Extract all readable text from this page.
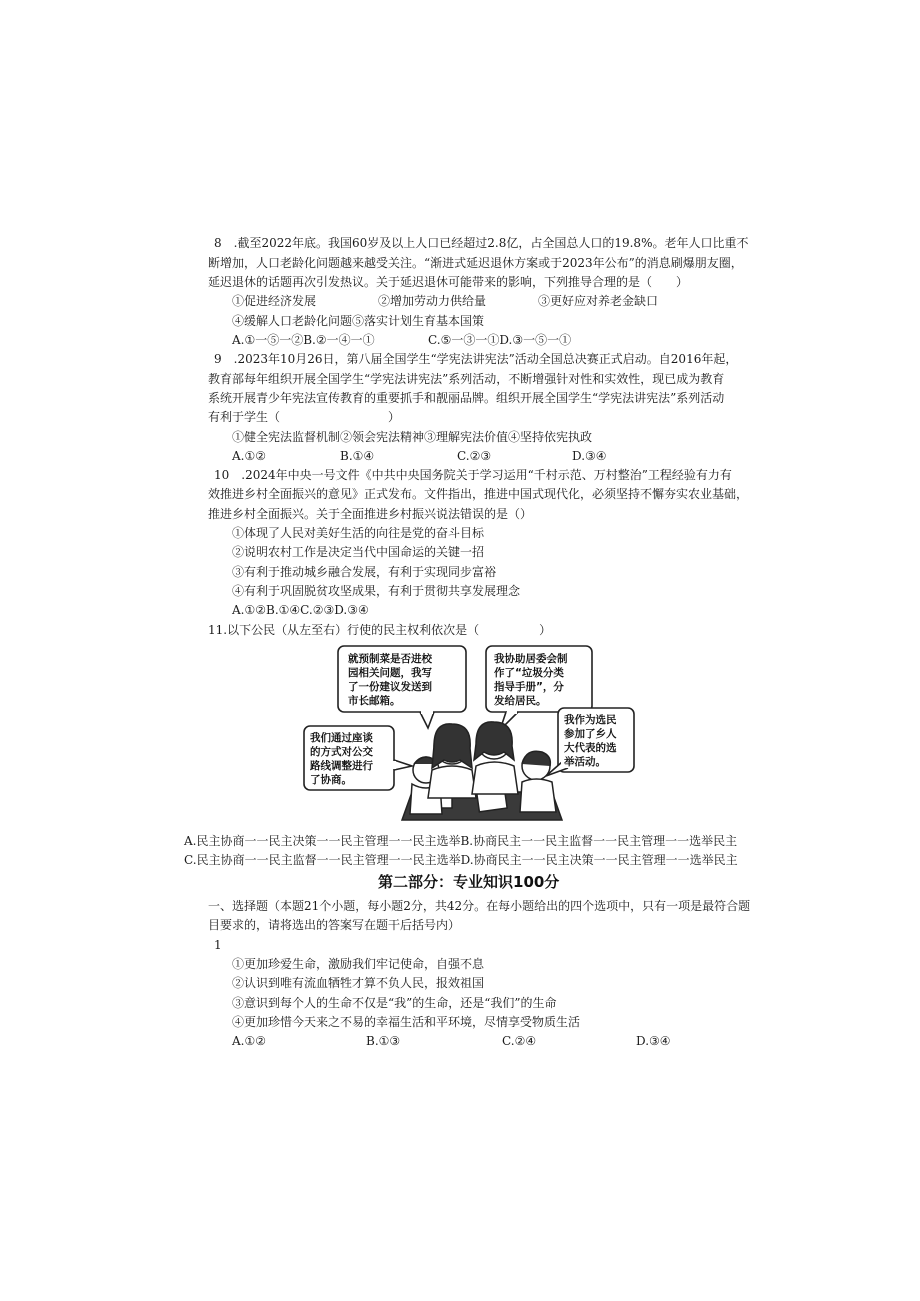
8　.截至2022年底。我国60岁及以上人口已经超过2.8亿，占全国总人口的19.8%。老年人口比重不
断增加，人口老龄化问题越来越受关注。“渐进式延迟退休方案或于2023年公布”的消息刷爆朋友圈，
延迟退休的话题再次引发热议。关于延迟退休可能带来的影响，下列推导合理的是（　　）
①促进经济发展	②增加劳动力供给量	③更好应对养老金缺口
④缓解人口老龄化问题⑤落实计划生育基本国策
A.①一⑤一②B.②一④一①	C.⑤一③一①D.③一⑤一①
9　.2023年10月26日，第八届全国学生“学宪法讲宪法”活动全国总决赛正式启动。自2016年起，
教育部每年组织开展全国学生“学宪法讲宪法”系列活动，不断增强针对性和实效性，现已成为教育
系统开展青少年宪法宣传教育的重要抓手和靓丽品牌。组织开展全国学生“学宪法讲宪法”系列活动
有利于学生（　　　　　　　　　）
①健全宪法监督机制②领会宪法精神③理解宪法价值④坚持依宪执政
A.①②	B.①④	C.②③	D.③④
10　.2024年中央一号文件《中共中央国务院关于学习运用“千村示范、万村整治”工程经验有力有
效推进乡村全面振兴的意见》正式发布。文件指出，推进中国式现代化，必须坚持不懈夯实农业基础，
推进乡村全面振兴。关于全面推进乡村振兴说法错误的是（）
①体现了人民对美好生活的向往是党的奋斗目标
②说明农村工作是决定当代中国命运的关键一招
③有利于推动城乡融合发展，有利于实现同步富裕
④有利于巩固脱贫攻坚成果，有利于贯彻共享发展理念
A.①②B.①④C.②③D.③④
11.以下公民（从左至右）行使的民主权利依次是（　　　　　）
就预制菜是否进校
园相关问题，我写
了一份建议发送到
市长邮箱。
我协助居委会制
作了“垃圾分类
指导手册”，分
发给居民。
我们通过座谈
的方式对公交
路线调整进行
了协商。
我作为选民
参加了乡人
大代表的选
举活动。
A.民主协商一一民主决策一一民主管理一一民主选举B.协商民主一一民主监督一一民主管理一一选举民主
C.民主协商一一民主监督一一民主管理一一民主选举D.协商民主一一民主决策一一民主管理一一选举民主
第二部分：专业知识100分
一、选择题（本题21个小题，每小题2分，共42分。在每小题给出的四个选项中，只有一项是最符合题
目要求的，请将选出的答案写在题干后括号内）
1
①更加珍爱生命，激励我们牢记使命，自强不息
②认识到唯有流血牺牲才算不负人民，报效祖国
③意识到每个人的生命不仅是“我”的生命，还是“我们”的生命
④更加珍惜今天来之不易的幸福生活和平环境，尽情享受物质生活
A.①②	B.①③	C.②④	D.③④
